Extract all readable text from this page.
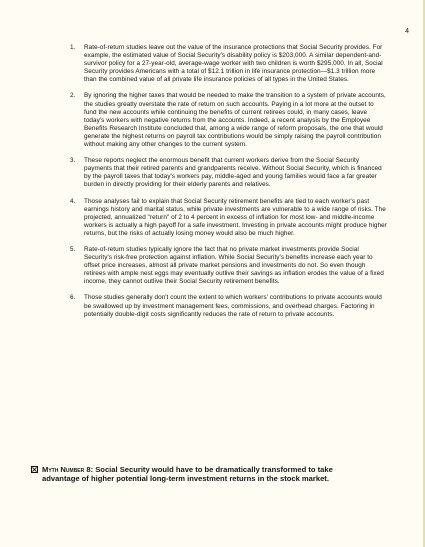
4
1. Rate-of-return studies leave out the value of the insurance protections that Social Security provides. For example, the estimated value of Social Security's disability policy is $203,000. A similar dependent-and-survivor policy for a 27-year-old, average-wage worker with two children is worth $295,000. In all, Social Security provides Americans with a total of $12.1 trillion in life insurance protection—$1.3 trillion more than the combined value of all private life insurance policies of all types in the United States.
2. By ignoring the higher taxes that would be needed to make the transition to a system of private accounts, the studies greatly overstate the rate of return on such accounts. Paying in a lot more at the outset to fund the new accounts while continuing the benefits of current retirees could, in many cases, leave today's workers with negative returns from the accounts. Indeed, a recent analysis by the Employee Benefits Research Institute concluded that, among a wide range of reform proposals, the one that would generate the highest returns on payroll tax contributions would be simply raising the payroll contribution without making any other changes to the current system.
3. These reports neglect the enormous benefit that current workers derive from the Social Security payments that their retired parents and grandparents receive. Without Social Security, which is financed by the payroll taxes that today's workers pay, middle-aged and young families would face a far greater burden in directly providing for their elderly parents and relatives.
4. Those analyses fail to explain that Social Security retirement benefits are tied to each worker's past earnings history and marital status, while private investments are vulnerable to a wide range of risks. The projected, annualized "return" of 2 to 4 percent in excess of inflation for most low- and middle-income workers is actually a high payoff for a safe investment. Investing in private accounts might produce higher returns, but the risks of actually losing money would also be much higher.
5. Rate-of-return studies typically ignore the fact that no private market investments provide Social Security's risk-free protection against inflation. While Social Security's benefits increase each year to offset price increases, almost all private market pensions and investments do not. So even though retirees with ample nest eggs may eventually outlive their savings as inflation erodes the value of a fixed income, they cannot outlive their Social Security retirement benefits.
6. Those studies generally don't count the extent to which workers' contributions to private accounts would be swallowed up by investment management fees, commissions, and overhead charges. Factoring in potentially double-digit costs significantly reduces the rate of return to private accounts.
Myth Number 8: Social Security would have to be dramatically transformed to take advantage of higher potential long-term investment returns in the stock market.
